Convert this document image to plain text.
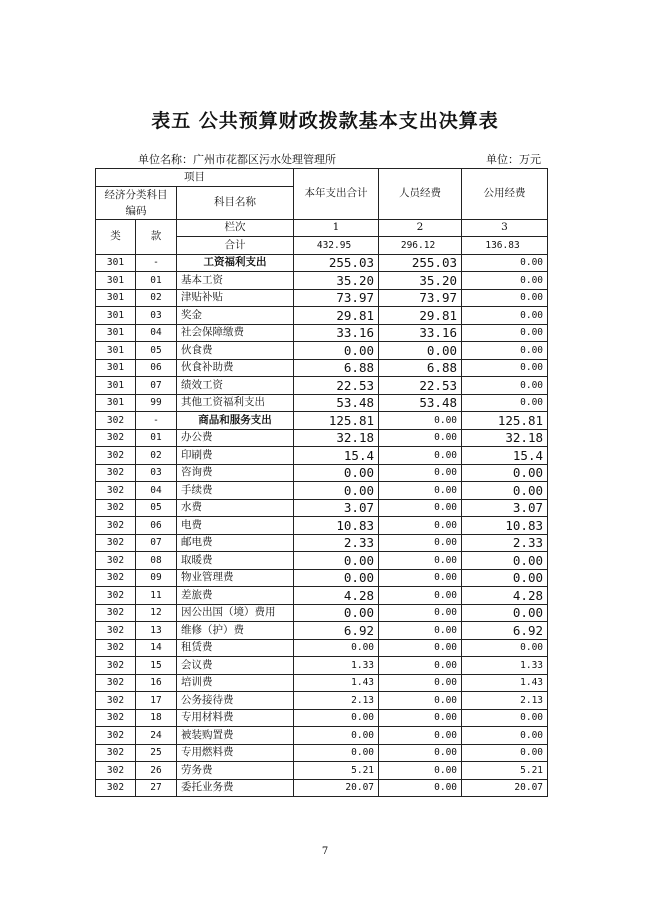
表五 公共预算财政拨款基本支出决算表
单位名称：广州市花都区污水处理管理所	单位：万元
项目			本年支出合计	人员经费	公用经费
经济分类科目编码		科目名称			

类	款	栏次	1	2	3
		合计	432.95	296.12	136.83
301	-	工资福利支出	255.03	255.03	0.00
301	01	基本工资	35.20	35.20	0.00
301	02	津贴补贴	73.97	73.97	0.00
301	03	奖金	29.81	29.81	0.00
301	04	社会保障缴费	33.16	33.16	0.00
301	05	伙食费	0.00	0.00	0.00
301	06	伙食补助费	6.88	6.88	0.00
301	07	绩效工资	22.53	22.53	0.00
301	99	其他工资福利支出	53.48	53.48	0.00
302	-	商品和服务支出	125.81	0.00	125.81
302	01	办公费	32.18	0.00	32.18
302	02	印刷费	15.4	0.00	15.4
302	03	咨询费	0.00	0.00	0.00
302	04	手续费	0.00	0.00	0.00
302	05	水费	3.07	0.00	3.07
302	06	电费	10.83	0.00	10.83
302	07	邮电费	2.33	0.00	2.33
302	08	取暖费	0.00	0.00	0.00
302	09	物业管理费	0.00	0.00	0.00
302	11	差旅费	4.28	0.00	4.28
302	12	因公出国（境）费用	0.00	0.00	0.00
302	13	维修（护）费	6.92	0.00	6.92
302	14	租赁费	0.00	0.00	0.00
302	15	会议费	1.33	0.00	1.33
302	16	培训费	1.43	0.00	1.43
302	17	公务接待费	2.13	0.00	2.13
302	18	专用材料费	0.00	0.00	0.00
302	24	被装购置费	0.00	0.00	0.00
302	25	专用燃料费	0.00	0.00	0.00
302	26	劳务费	5.21	0.00	5.21
302	27	委托业务费	20.07	0.00	20.07
7
